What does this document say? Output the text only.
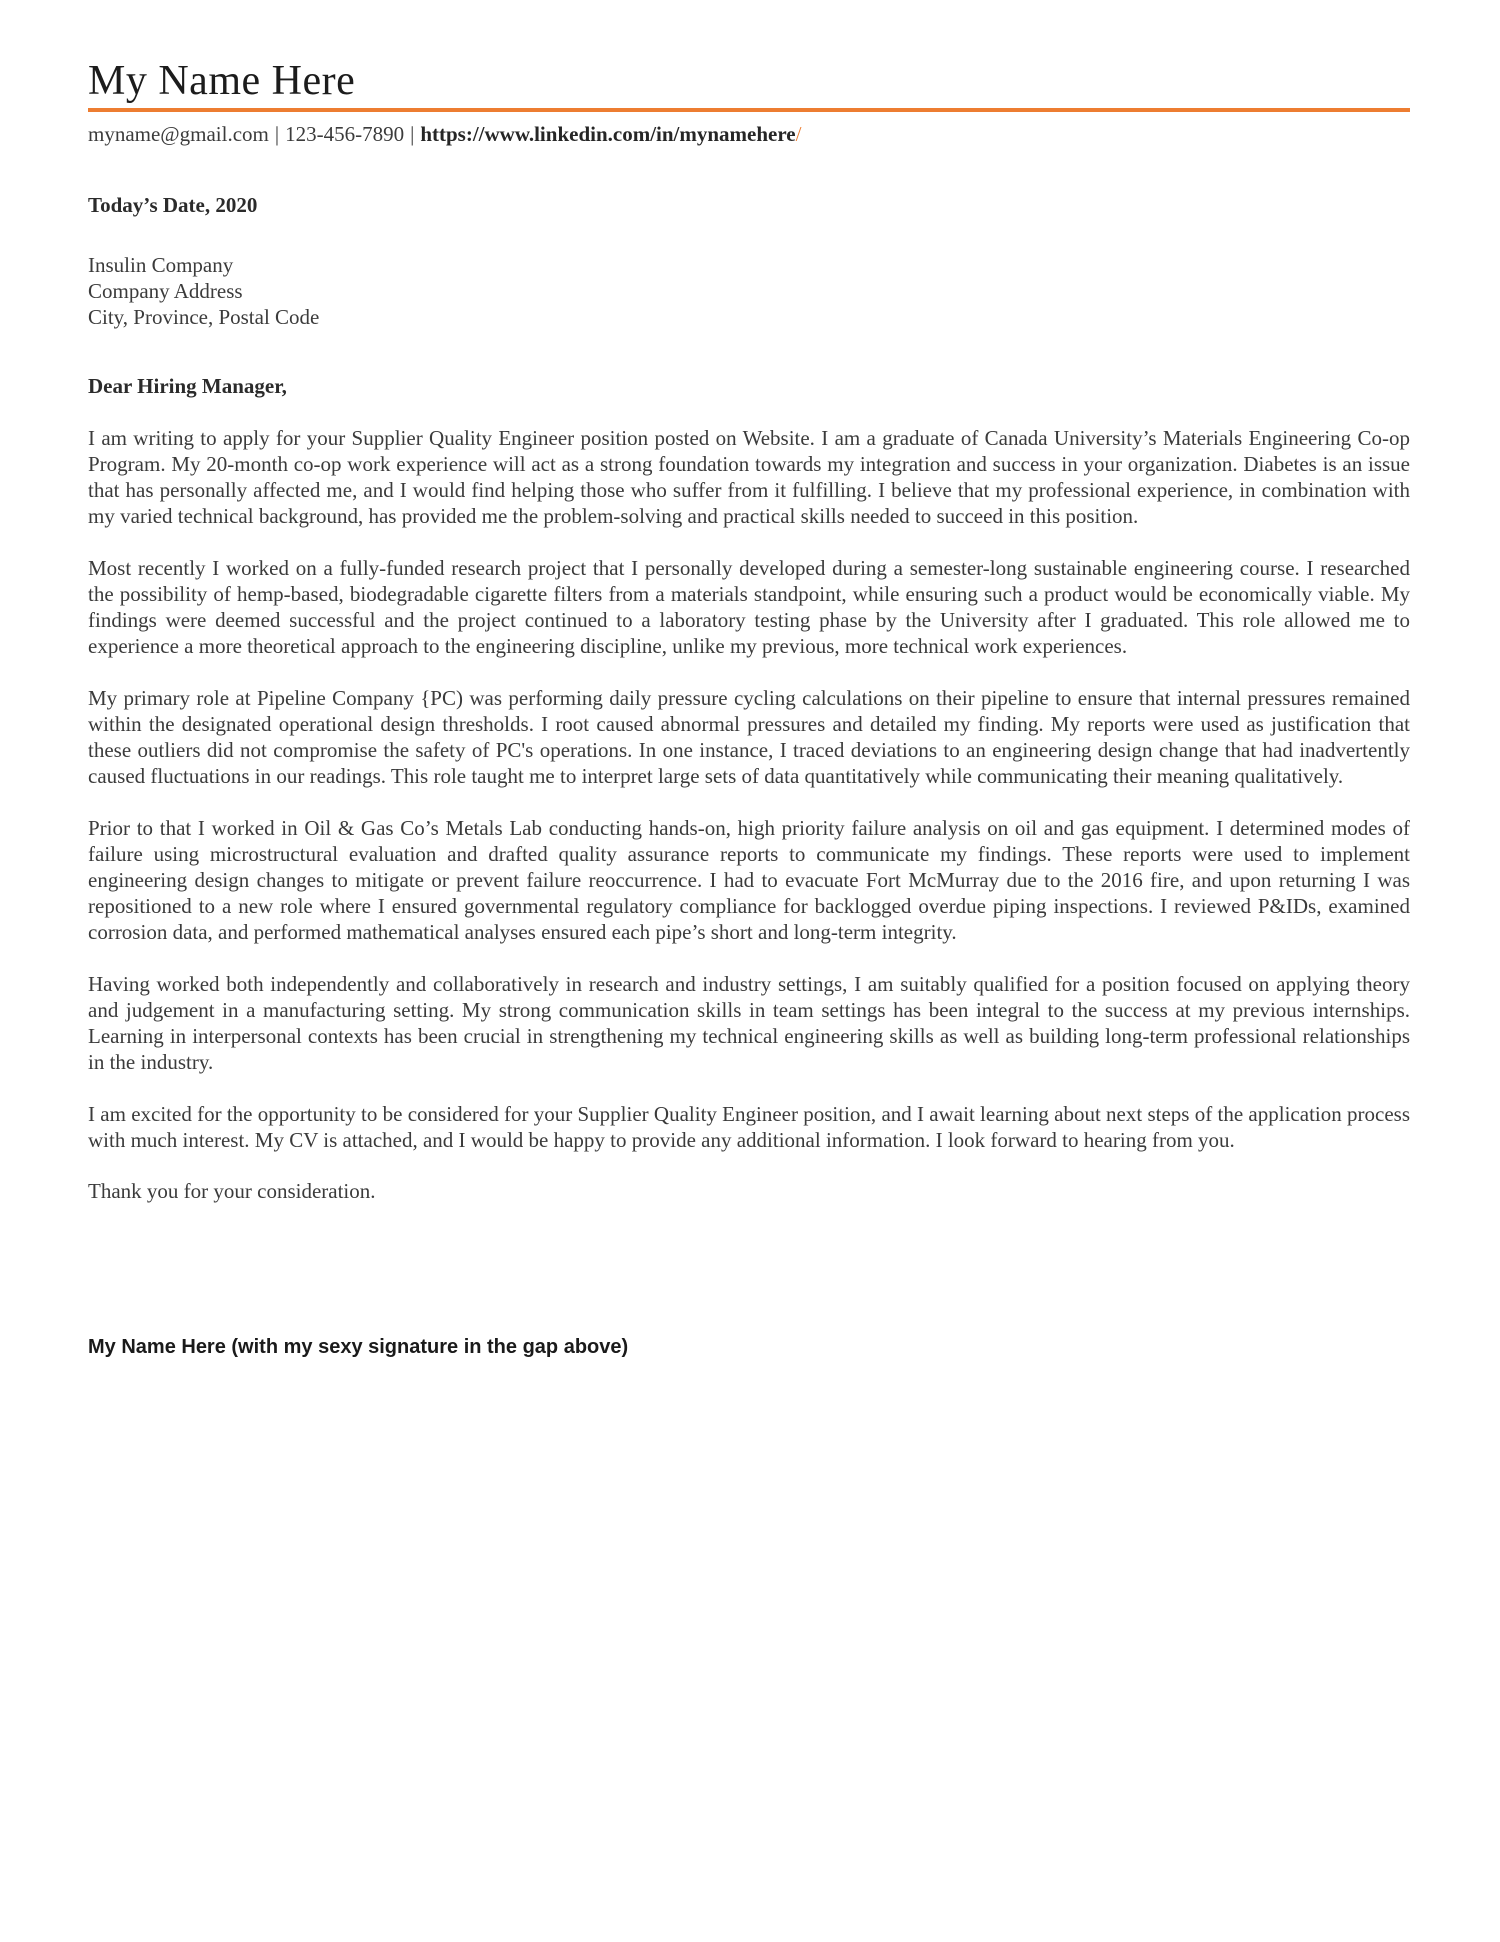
My Name Here

myname@gmail.com | 123-456-7890 | https://www.linkedin.com/in/mynamehere/

Today’s Date, 2020

Insulin Company

Company Address

City, Province, Postal Code

Dear Hiring Manager,

I am writing to apply for your Supplier Quality Engineer position posted on Website. I am a graduate of Canada University’s Materials Engineering Co-op Program. My 20-month co-op work experience will act as a strong foundation towards my integration and success in your organization. Diabetes is an issue that has personally affected me, and I would find helping those who suffer from it fulfilling. I believe that my professional experience, in combination with my varied technical background, has provided me the problem-solving and practical skills needed to succeed in this position.

Most recently I worked on a fully-funded research project that I personally developed during a semester-long sustainable engineering course. I researched the possibility of hemp-based, biodegradable cigarette filters from a materials standpoint, while ensuring such a product would be economically viable. My findings were deemed successful and the project continued to a laboratory testing phase by the University after I graduated. This role allowed me to experience a more theoretical approach to the engineering discipline, unlike my previous, more technical work experiences.

My primary role at Pipeline Company {PC) was performing daily pressure cycling calculations on their pipeline to ensure that internal pressures remained within the designated operational design thresholds. I root caused abnormal pressures and detailed my finding. My reports were used as justification that these outliers did not compromise the safety of PC's operations. In one instance, I traced deviations to an engineering design change that had inadvertently caused fluctuations in our readings. This role taught me to interpret large sets of data quantitatively while communicating their meaning qualitatively.

Prior to that I worked in Oil & Gas Co’s Metals Lab conducting hands-on, high priority failure analysis on oil and gas equipment. I determined modes of failure using microstructural evaluation and drafted quality assurance reports to communicate my findings. These reports were used to implement engineering design changes to mitigate or prevent failure reoccurrence. I had to evacuate Fort McMurray due to the 2016 fire, and upon returning I was repositioned to a new role where I ensured governmental regulatory compliance for backlogged overdue piping inspections. I reviewed P&IDs, examined corrosion data, and performed mathematical analyses ensured each pipe’s short and long-term integrity.

Having worked both independently and collaboratively in research and industry settings, I am suitably qualified for a position focused on applying theory and judgement in a manufacturing setting. My strong communication skills in team settings has been integral to the success at my previous internships. Learning in interpersonal contexts has been crucial in strengthening my technical engineering skills as well as building long-term professional relationships in the industry.

I am excited for the opportunity to be considered for your Supplier Quality Engineer position, and I await learning about next steps of the application process with much interest. My CV is attached, and I would be happy to provide any additional information. I look forward to hearing from you.

Thank you for your consideration.

My Name Here (with my sexy signature in the gap above)
